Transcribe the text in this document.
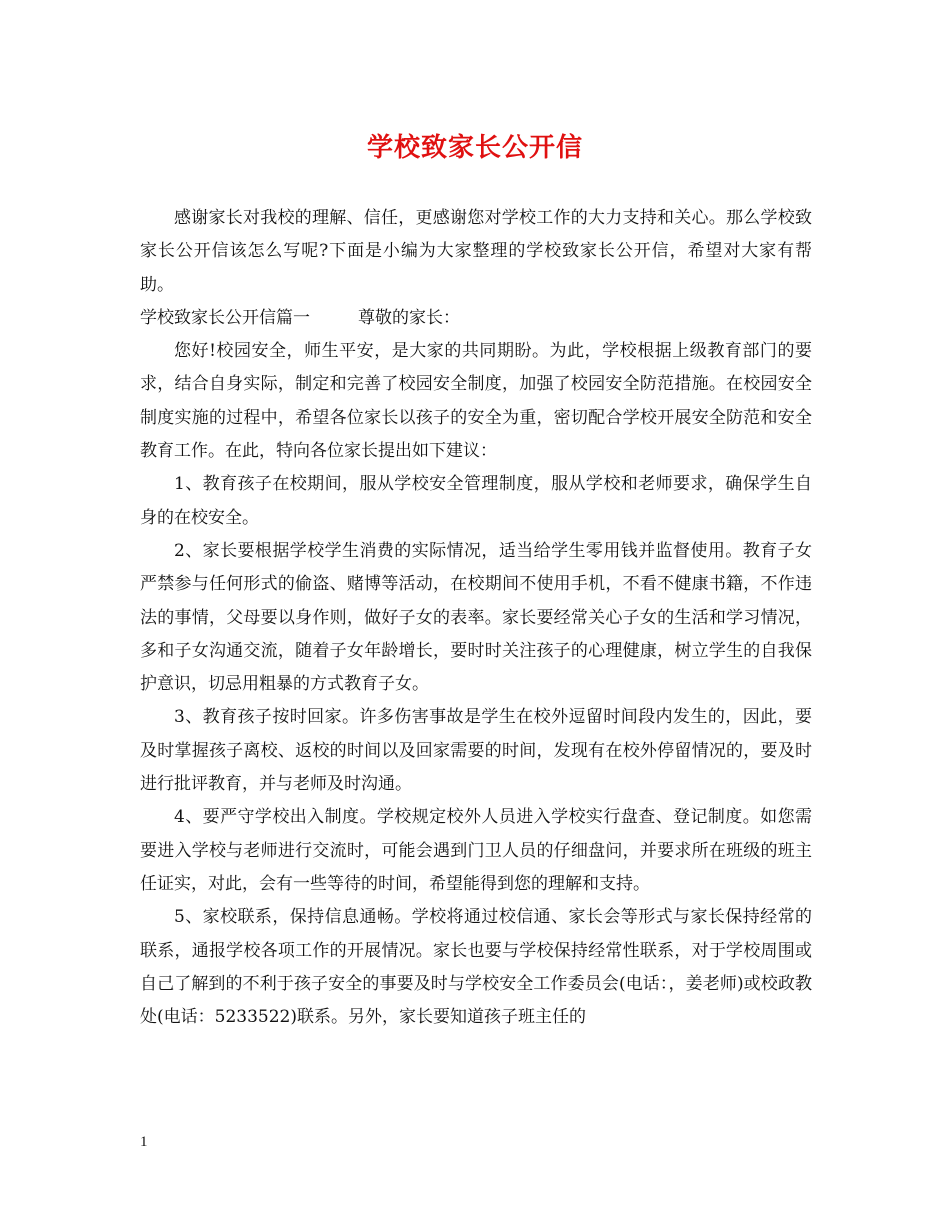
学校致家长公开信

感谢家长对我校的理解、信任，更感谢您对学校工作的大力支持和关心。那么学校致家长公开信该怎么写呢?下面是小编为大家整理的学校致家长公开信，希望对大家有帮助。

学校致家长公开信篇一	尊敬的家长：

您好!校园安全，师生平安，是大家的共同期盼。为此，学校根据上级教育部门的要求，结合自身实际，制定和完善了校园安全制度，加强了校园安全防范措施。在校园安全制度实施的过程中，希望各位家长以孩子的安全为重，密切配合学校开展安全防范和安全教育工作。在此，特向各位家长提出如下建议：

1、教育孩子在校期间，服从学校安全管理制度，服从学校和老师要求，确保学生自身的在校安全。

2、家长要根据学校学生消费的实际情况，适当给学生零用钱并监督使用。教育子女严禁参与任何形式的偷盗、赌博等活动，在校期间不使用手机，不看不健康书籍，不作违法的事情，父母要以身作则，做好子女的表率。家长要经常关心子女的生活和学习情况，多和子女沟通交流，随着子女年龄增长，要时时关注孩子的心理健康，树立学生的自我保护意识，切忌用粗暴的方式教育子女。

3、教育孩子按时回家。许多伤害事故是学生在校外逗留时间段内发生的，因此，要及时掌握孩子离校、返校的时间以及回家需要的时间，发现有在校外停留情况的，要及时进行批评教育，并与老师及时沟通。

4、要严守学校出入制度。学校规定校外人员进入学校实行盘查、登记制度。如您需要进入学校与老师进行交流时，可能会遇到门卫人员的仔细盘问，并要求所在班级的班主任证实，对此，会有一些等待的时间，希望能得到您的理解和支持。

5、家校联系，保持信息通畅。学校将通过校信通、家长会等形式与家长保持经常的联系，通报学校各项工作的开展情况。家长也要与学校保持经常性联系，对于学校周围或自己了解到的不利于孩子安全的事要及时与学校安全工作委员会(电话：，姜老师)或校政教处(电话：5233522)联系。另外，家长要知道孩子班主任的

1
